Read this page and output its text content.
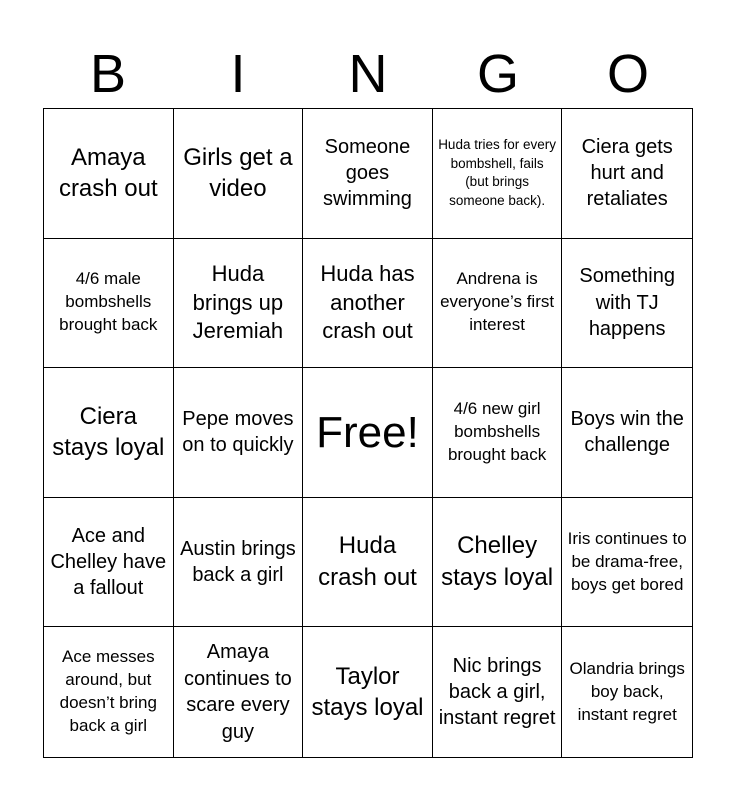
B	I	N	G	O
Amaya crash out
Girls get a video
Someone goes swimming
Huda tries for every bombshell, fails (but brings someone back).
Ciera gets hurt and retaliates
4/6 male bombshells brought back
Huda brings up Jeremiah
Huda has another crash out
Andrena is everyone’s first interest
Something with TJ happens
Ciera stays loyal
Pepe moves on to quickly Free!	4/6 new girl bombshells brought back
Boys win the challenge
Ace and Chelley have a fallout
Austin brings back a girl
Huda crash out
Chelley stays loyal
Iris continues to be drama-free, boys get bored
Ace messes around, but doesn’t bring back a girl
Amaya continues to scare every guy
Taylor stays loyal
Nic brings back a girl, instant regret
Olandria brings boy back, instant regret
